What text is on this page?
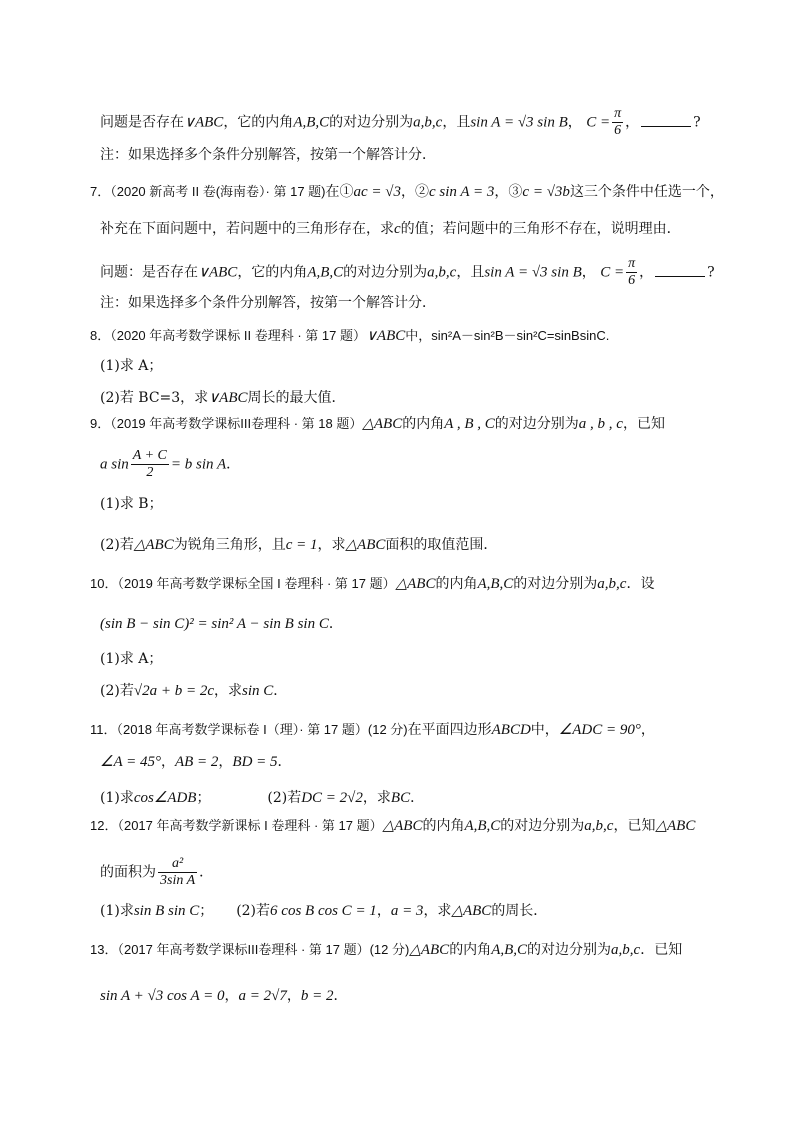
问题是否存在∨ABC，它的内角A,B,C的对边分别为a,b,c，且sin A = √3 sin B， $C = \frac{\pi}{6}$ ，	?
注：如果选择多个条件分别解答，按第一个解答计分．
7．（2020 新高考 II 卷(海南卷）· 第 17 题)在①ac = √3，②c sin A = 3，③c = √3b这三个条件中任选一个，
补充在下面问题中，若问题中的三角形存在，求c的值；若问题中的三角形不存在，说明理由．
问题：是否存在∨ABC，它的内角A,B,C的对边分别为a,b,c，且sin A = √3 sin B， $C = \frac{\pi}{6}$ ，	?
注：如果选择多个条件分别解答，按第一个解答计分．
8．（2020 年高考数学课标 II 卷理科 · 第 17 题）∨ABC中，sin²A－sin²B－sin²C=sinBsinC.
(1)求 A；
(2)若 BC=3，求∨ABC周长的最大值．
9．（2019 年高考数学课标III卷理科 · 第 18 题）△ABC的内角A , B , C的对边分别为a , b , c，已知
a $\sin \frac{A + C}{2} = b$ sin A．
(1)求 B；
(2)若△ABC为锐角三角形，且c = 1，求△ABC面积的取值范围．
10．（2019 年高考数学课标全国 I 卷理科 · 第 17 题）△ABC的内角A,B,C的对边分别为a,b,c．设
(sin B − sin C)² = sin² A − sin B sin C．
(1)求 A；
(2)若√2a + b = 2c，求sin C．
11．（2018 年高考数学课标卷 I（理）· 第 17 题）(12 分)在平面四边形ABCD中，∠ADC = 90°，
∠A = 45°，AB = 2，BD = 5．
(1)求cos∠ADB；	(2)若DC = 2√2，求BC．
12．（2017 年高考数学新课标 I 卷理科 · 第 17 题）△ABC的内角A,B,C的对边分别为a,b,c，已知△ABC
的面积为 $\frac{\text{a²}}{\text{3sin A}}$ ．
(1)求sin B sin C； (2)若6 cos B cos C = 1，a = 3，求△ABC的周长．
13．（2017 年高考数学课标III卷理科 · 第 17 题）(12 分)△ABC的内角A,B,C的对边分别为a,b,c．已知
sin A + √3 cos A = 0，a = 2√7，b = 2．
